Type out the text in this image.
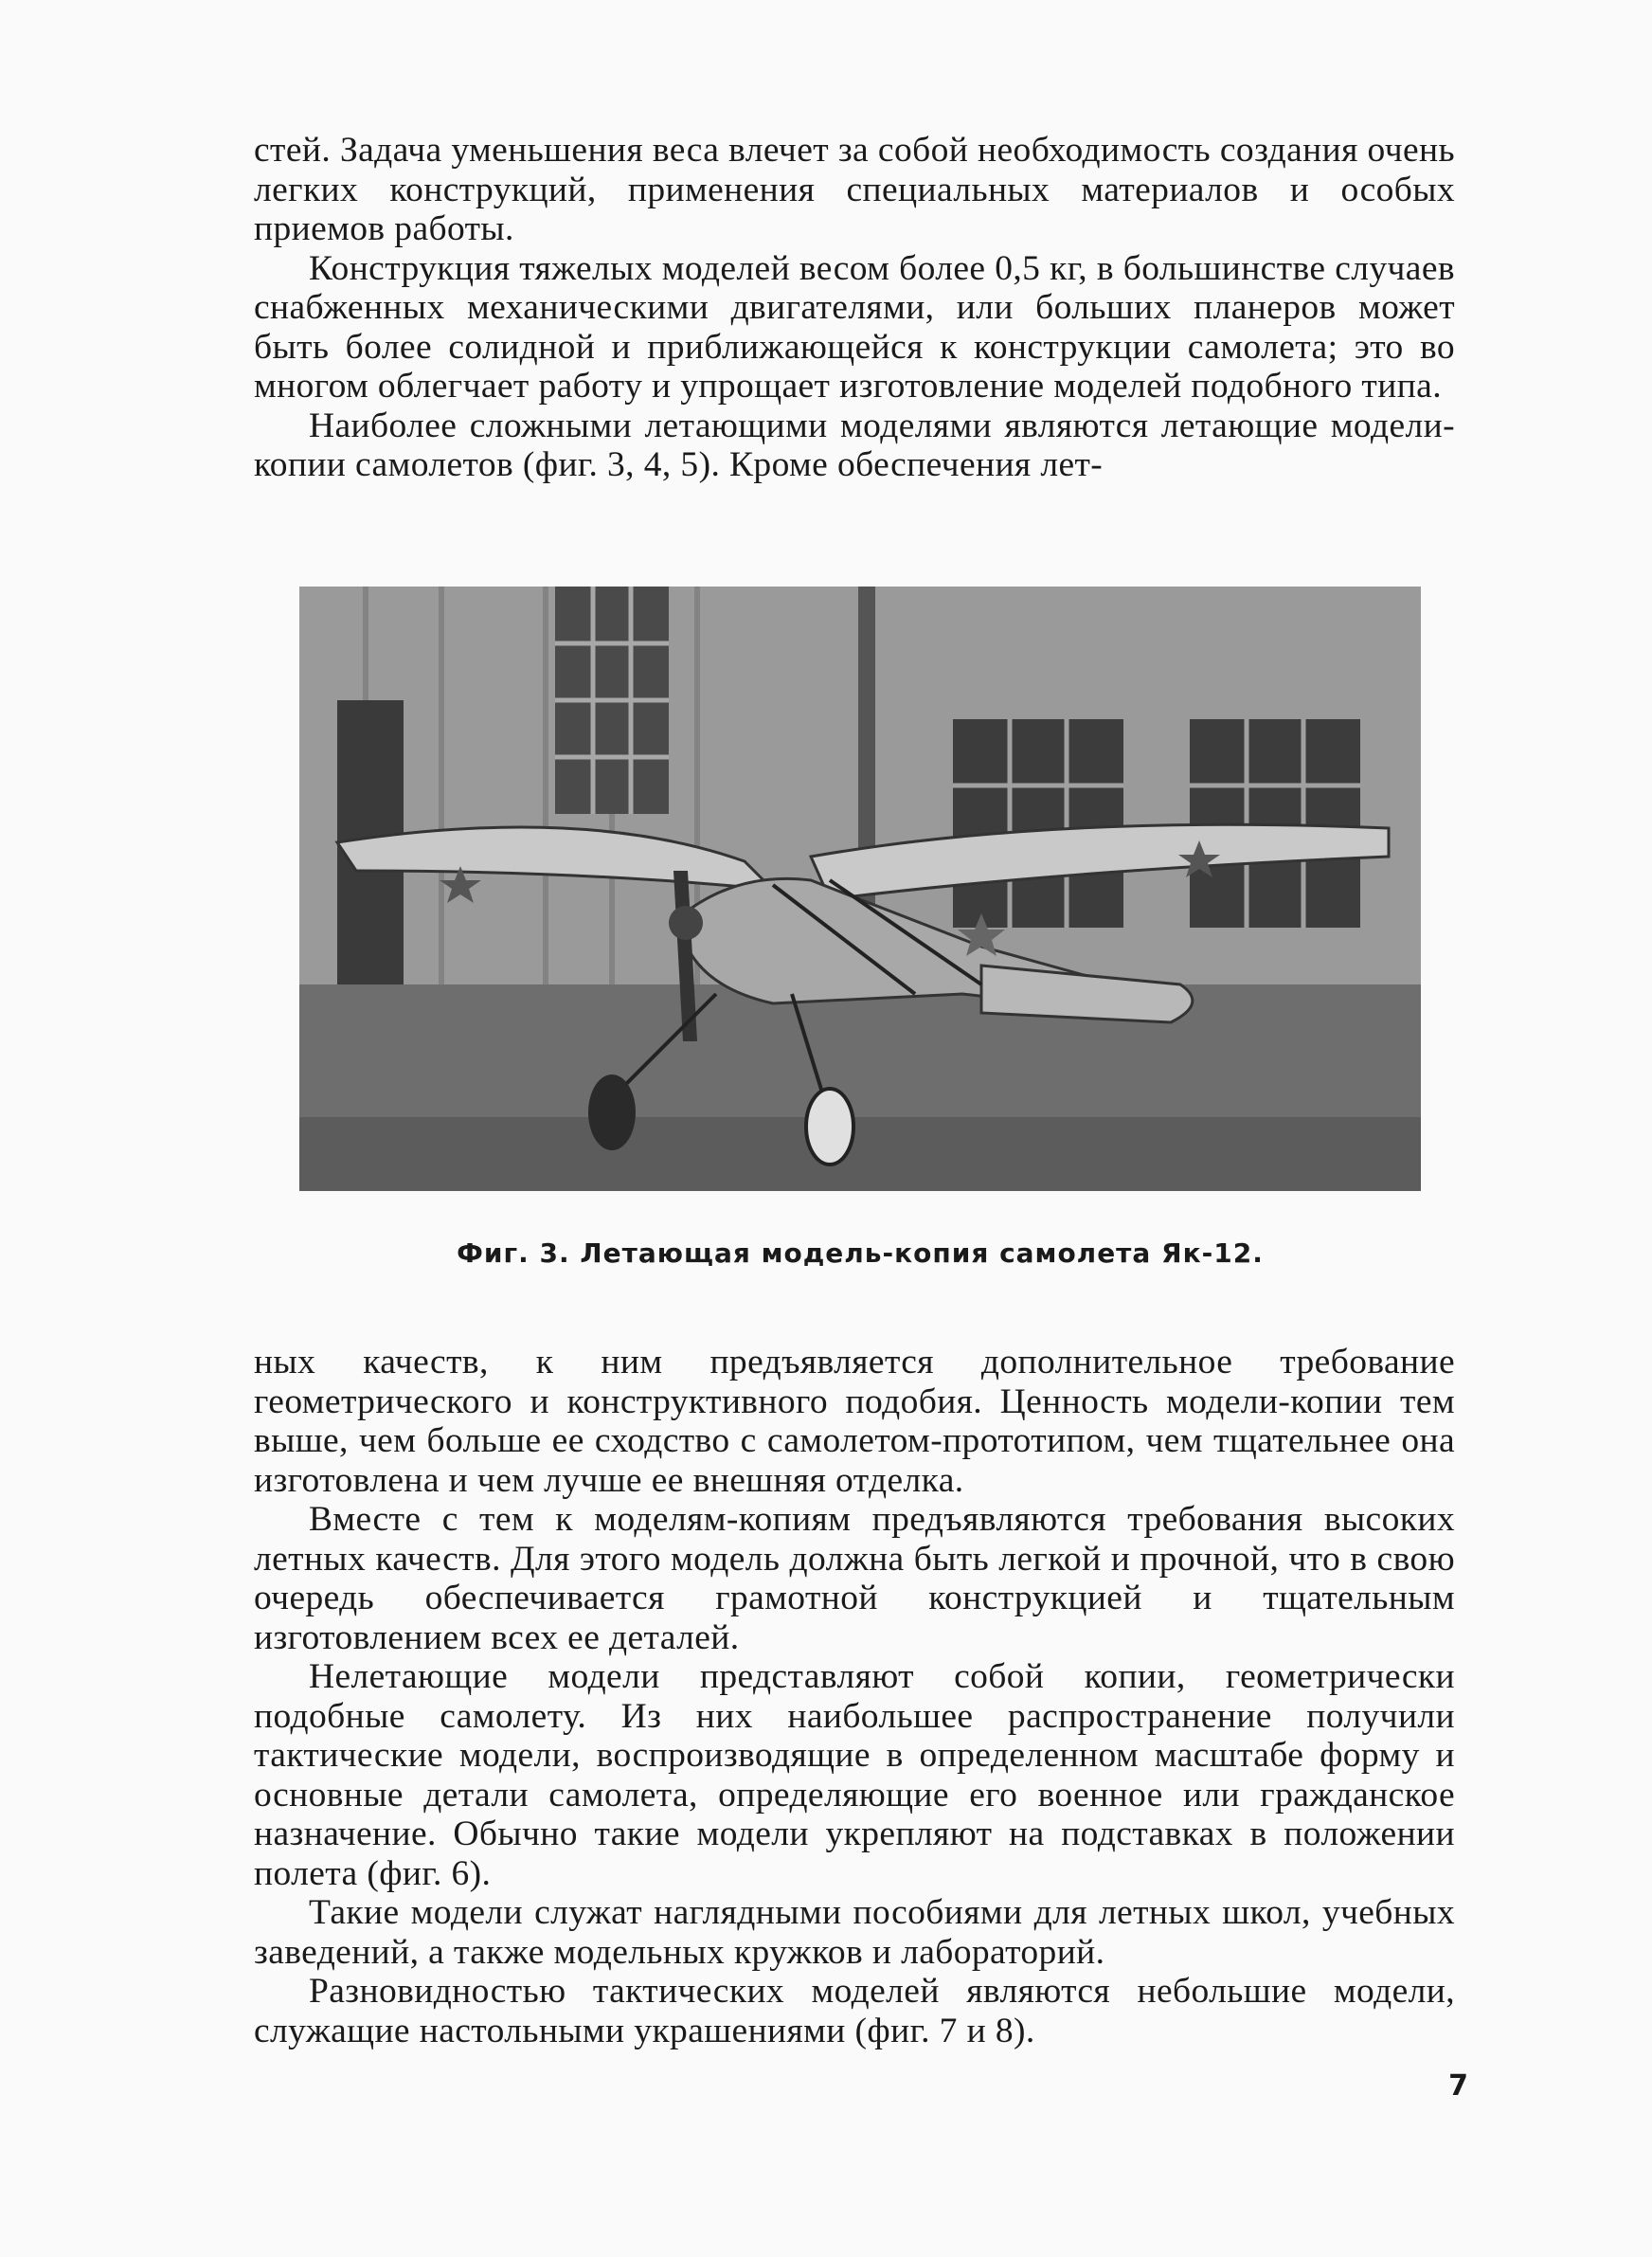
стей. Задача уменьшения веса влечет за собой необходимость создания очень легких конструкций, применения специальных материалов и особых приемов работы.

Конструкция тяжелых моделей весом более 0,5 кг, в большинстве случаев снабженных механическими двигателями, или больших планеров может быть более солидной и приближающейся к конструкции самолета; это во многом облегчает работу и упрощает изготовление моделей подобного типа.

Наиболее сложными летающими моделями являются летающие модели-копии самолетов (фиг. 3, 4, 5). Кроме обеспечения лет-

Фиг. 3. Летающая модель-копия самолета Як-12.

ных качеств, к ним предъявляется дополнительное требование геометрического и конструктивного подобия. Ценность модели-копии тем выше, чем больше ее сходство с самолетом-прототипом, чем тщательнее она изготовлена и чем лучше ее внешняя отделка.

Вместе с тем к моделям-копиям предъявляются требования высоких летных качеств. Для этого модель должна быть легкой и прочной, что в свою очередь обеспечивается грамотной конструкцией и тщательным изготовлением всех ее деталей.

Нелетающие модели представляют собой копии, геометрически подобные самолету. Из них наибольшее распространение получили тактические модели, воспроизводящие в определенном масштабе форму и основные детали самолета, определяющие его военное или гражданское назначение. Обычно такие модели укрепляют на подставках в положении полета (фиг. 6).

Такие модели служат наглядными пособиями для летных школ, учебных заведений, а также модельных кружков и лабораторий.

Разновидностью тактических моделей являются небольшие модели, служащие настольными украшениями (фиг. 7 и 8).

7
